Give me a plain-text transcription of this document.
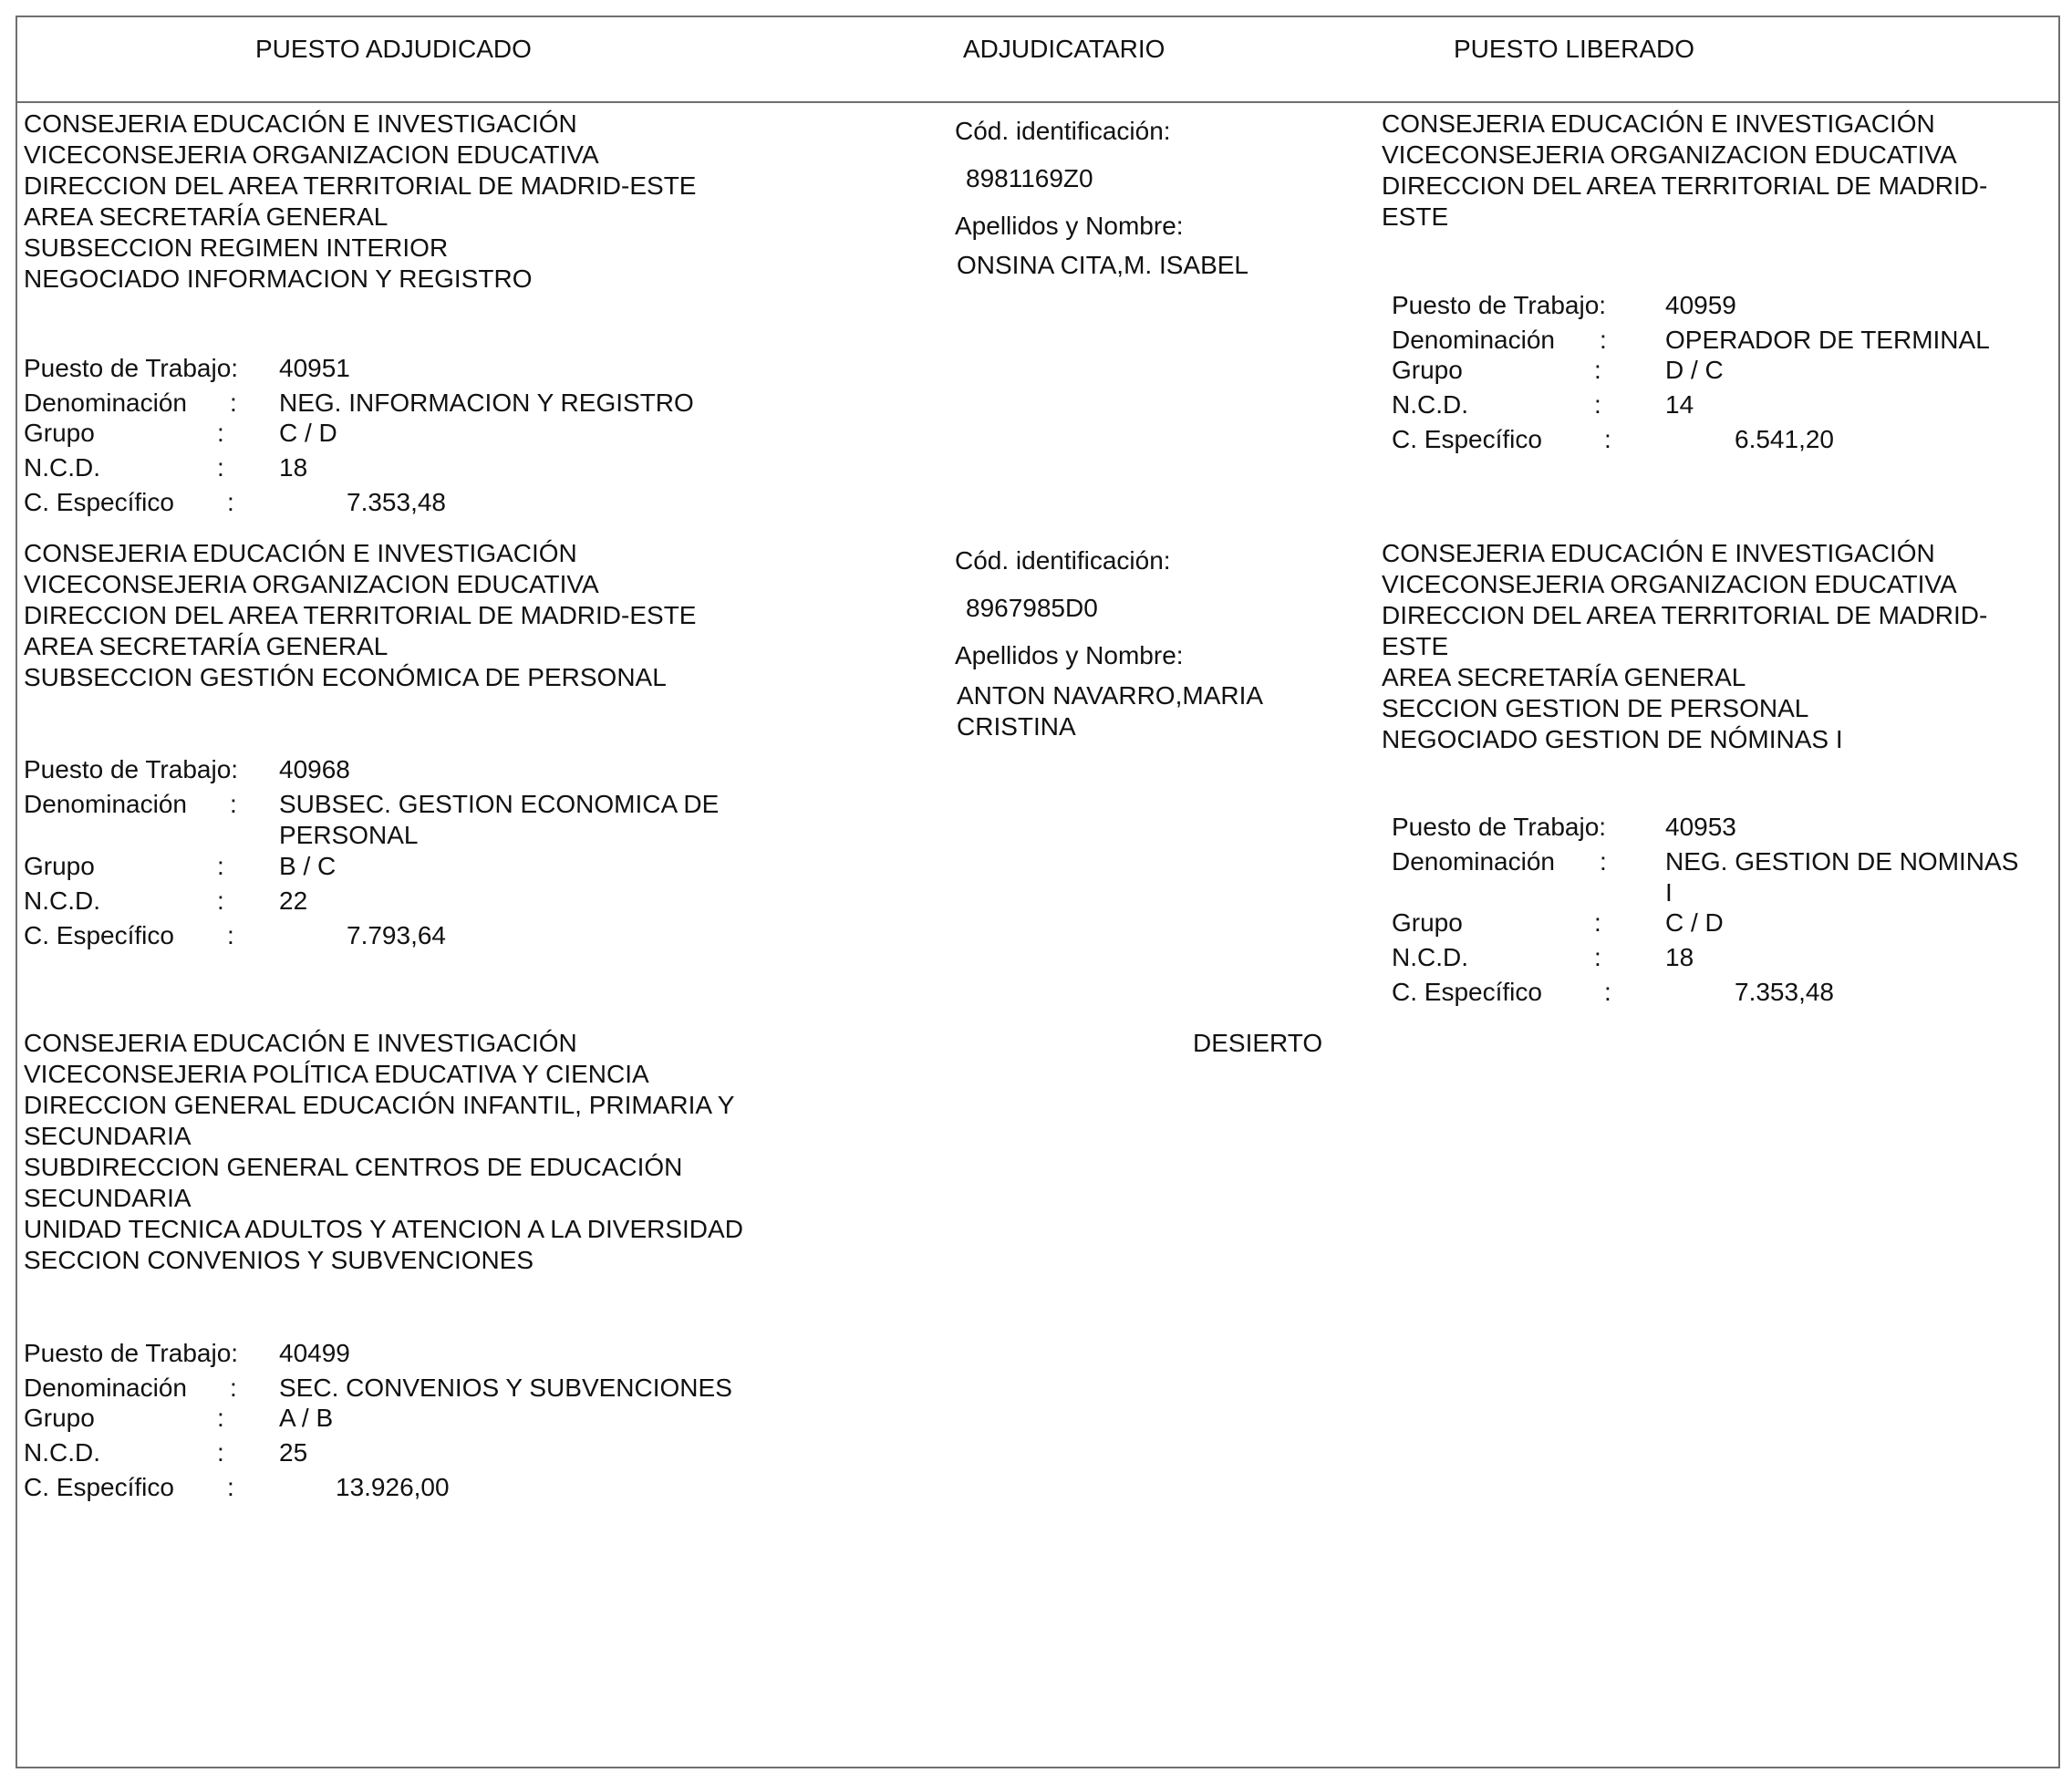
PUESTO ADJUDICADO	ADJUDICATARIO	PUESTO LIBERADO
CONSEJERIA EDUCACIÓN E INVESTIGACIÓN
VICECONSEJERIA ORGANIZACION EDUCATIVA
DIRECCION DEL AREA TERRITORIAL DE MADRID-ESTE
AREA SECRETARÍA GENERAL
SUBSECCION REGIMEN INTERIOR
NEGOCIADO INFORMACION Y REGISTRO
Puesto de Trabajo: 40951
Denominación : NEG. INFORMACION Y REGISTRO
Grupo	: C / D
N.C.D.	: 18
C. Específico :	7.353,48
Cód. identificación:
8981169Z0
Apellidos y Nombre:
ONSINA CITA,M. ISABEL
CONSEJERIA EDUCACIÓN E INVESTIGACIÓN
VICECONSEJERIA ORGANIZACION EDUCATIVA
DIRECCION DEL AREA TERRITORIAL DE MADRID-
ESTE
Puesto de Trabajo: 40959
Denominación : OPERADOR DE TERMINAL
Grupo	:	D / C
N.C.D.	:	14
C. Específico :	6.541,20
CONSEJERIA EDUCACIÓN E INVESTIGACIÓN
VICECONSEJERIA ORGANIZACION EDUCATIVA
DIRECCION DEL AREA TERRITORIAL DE MADRID-ESTE
AREA SECRETARÍA GENERAL
SUBSECCION GESTIÓN ECONÓMICA DE PERSONAL
Puesto de Trabajo: 40968
Denominación : SUBSEC. GESTION ECONOMICA DE
PERSONAL
Grupo	: B / C
N.C.D.	: 22
C. Específico :	7.793,64
Cód. identificación:
8967985D0
Apellidos y Nombre:
ANTON NAVARRO,MARIA
CRISTINA
CONSEJERIA EDUCACIÓN E INVESTIGACIÓN
VICECONSEJERIA ORGANIZACION EDUCATIVA
DIRECCION DEL AREA TERRITORIAL DE MADRID-
ESTE
AREA SECRETARÍA GENERAL
SECCION GESTION DE PERSONAL
NEGOCIADO GESTION DE NÓMINAS I
Puesto de Trabajo: 40953
Denominación : NEG. GESTION DE NOMINAS
I
Grupo	:	C / D
N.C.D.	:	18
C. Específico :	7.353,48
CONSEJERIA EDUCACIÓN E INVESTIGACIÓN
VICECONSEJERIA POLÍTICA EDUCATIVA Y CIENCIA
DIRECCION GENERAL EDUCACIÓN INFANTIL, PRIMARIA Y
SECUNDARIA
SUBDIRECCION GENERAL CENTROS DE EDUCACIÓN
SECUNDARIA
UNIDAD TECNICA ADULTOS Y ATENCION A LA DIVERSIDAD
SECCION CONVENIOS Y SUBVENCIONES
Puesto de Trabajo: 40499
Denominación : SEC. CONVENIOS Y SUBVENCIONES
Grupo	: A / B
N.C.D.	: 25
C. Específico :	13.926,00
DESIERTO
